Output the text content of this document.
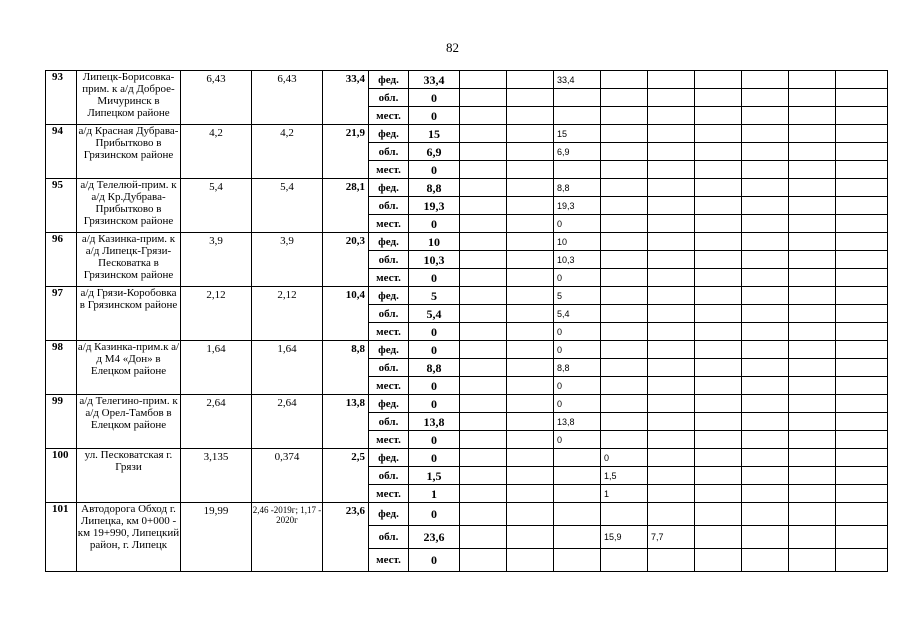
82
93	Липецк-Борисовка-прим. к а/д Доброе-Мичуринск в Липецком районе	6,43	6,43	33,4	фед.	33,4			33,4						
					обл.	0									
					мест.	0									
94	а/д Красная Дубрава-Прибытково в Грязинском районе	4,2	4,2	21,9	фед.	15			15						
					обл.	6,9			6,9						
					мест.	0									
95	а/д Телелюй-прим. к а/д Кр.Дубрава-Прибытково в Грязинском районе	5,4	5,4	28,1	фед.	8,8			8,8						
					обл.	19,3			19,3						
					мест.	0			0						
96	а/д Казинка-прим. к а/д Липецк-Грязи-Песковатка в Грязинском районе	3,9	3,9	20,3	фед.	10			10						
					обл.	10,3			10,3						
					мест.	0			0						
97	а/д Грязи-Коробовка в Грязинском районе	2,12	2,12	10,4	фед.	5			5						
					обл.	5,4			5,4						
					мест.	0			0						
98	а/д Казинка-прим.к а/д М4 «Дон» в Елецком районе	1,64	1,64	8,8	фед.	0			0						
					обл.	8,8			8,8						
					мест.	0			0						
99	а/д Телегино-прим. к а/д Орел-Тамбов в Елецком районе	2,64	2,64	13,8	фед.	0			0						
					обл.	13,8			13,8						
					мест.	0			0						
100	ул. Песковатская г. Грязи	3,135	0,374	2,5	фед.	0				0					
					обл.	1,5				1,5					
					мест.	1				1					
101	Автодорога Обход г. Липецка, км 0+000 - км 19+990, Липецкий район, г. Липецк	19,99	2,46 -2019г; 1,17 - 2020г	23,6	фед.	0									
					обл.	23,6				15,9	7,7				
					мест.	0									
